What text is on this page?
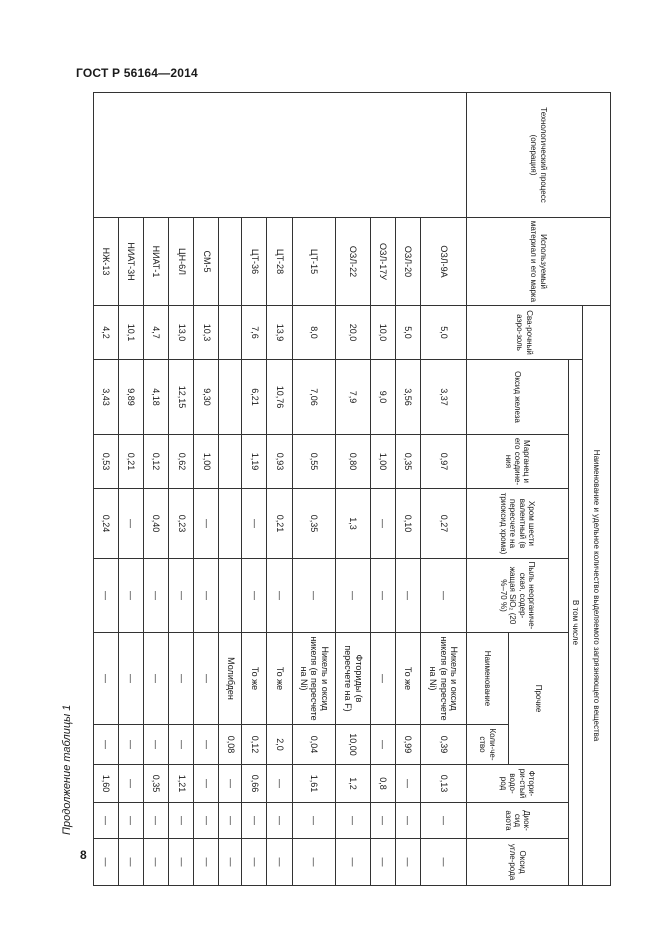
ГОСТ Р 56164—2014
8
Продолжение таблицы 1
Технологический процесс (операция)	Используемый материал и его марка	Наименование и удельное количество выделяемого загрязняющего вещества									
		Сва-рочный аэро-золь	В том числе								
			Оксид железа	Марганец и его соедине-ния	Хром шести валентный (в пересчете на триоксид хрома)	Пыль неорганиче-ская, содер-жащая SiO₂ (20 %–70 %)	Прочие		Фтори-ри-стый водо-род	Диок-сид азота	Оксид угле-рода
							Наименование	Коли-че-ство			
	ОЗЛ-9А	5,0	3,37	0,97	0,27	—	Никель и оксид никеля (в пересчете на Ni)	0,39	0,13	—	—
	ОЗЛ-20	5,0	3,56	0,35	0,10	—	То же	0,99	—	—	—
	ОЗЛ-17У	10,0	9,0	1,00	—	—	—	—	0,8	—	—
	ОЗЛ-22	20,0	7,9	0,80	1,3	—	Фториды (в пересчете на F)	10,00	1,2	—	—
	ЦТ-15	8,0	7,06	0,55	0,35	—	Никель и оксид никеля (в пересчете на Ni)	0,04	1,61	—	—
	ЦТ-28	13,9	10,76	0,93	0,21	—	То же	2,0	—	—	—
	ЦТ-36	7,6	6,21	1,19	—	—	То же	0,12	0,66	—	—
							Молибден	0,08	—	—	—
	СМ-5	10,3	9,30	1,00	—	—	—	—	—	—	—
	ЦН-6Л	13,0	12,15	0,62	0,23	—	—	—	1,21	—	—
	НИАТ-1	4,7	4,18	0,12	0,40	—	—	—	0,35	—	—
	НИАТ-3Н	10,1	9,89	0,21	—	—	—	—	—	—	—
	НЖ-13	4,2	3,43	0,53	0,24	—	—	—	1,60	—	—
